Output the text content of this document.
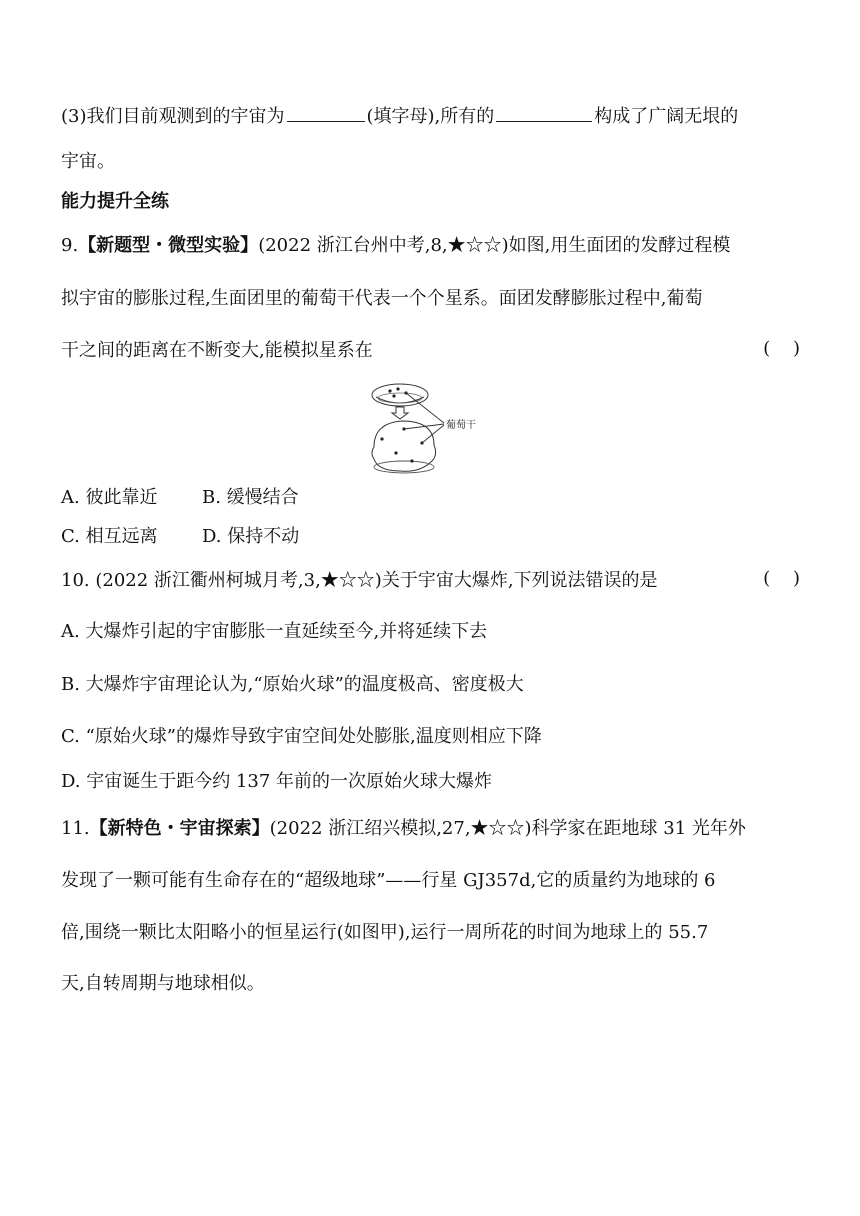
(3)我们目前观测到的宇宙为	(填字母),所有的	构成了广阔无垠的
宇宙。
能力提升全练
9.【新题型・微型实验】(2022 浙江台州中考,8,★☆☆)如图,用生面团的发酵过程模
拟宇宙的膨胀过程,生面团里的葡萄干代表一个个星系。面团发酵膨胀过程中,葡萄
干之间的距离在不断变大,能模拟星系在	(    )
葡萄干
A. 彼此靠近 B. 缓慢结合
C. 相互远离 D. 保持不动
10. (2022 浙江衢州柯城月考,3,★☆☆)关于宇宙大爆炸,下列说法错误的是	(    )
A. 大爆炸引起的宇宙膨胀一直延续至今,并将延续下去
B. 大爆炸宇宙理论认为,“原始火球”的温度极高、密度极大
C. “原始火球”的爆炸导致宇宙空间处处膨胀,温度则相应下降
D. 宇宙诞生于距今约 137 年前的一次原始火球大爆炸
11.【新特色・宇宙探索】(2022 浙江绍兴模拟,27,★☆☆)科学家在距地球 31 光年外
发现了一颗可能有生命存在的“超级地球”——行星 GJ357d,它的质量约为地球的 6
倍,围绕一颗比太阳略小的恒星运行(如图甲),运行一周所花的时间为地球上的 55.7
天,自转周期与地球相似。
